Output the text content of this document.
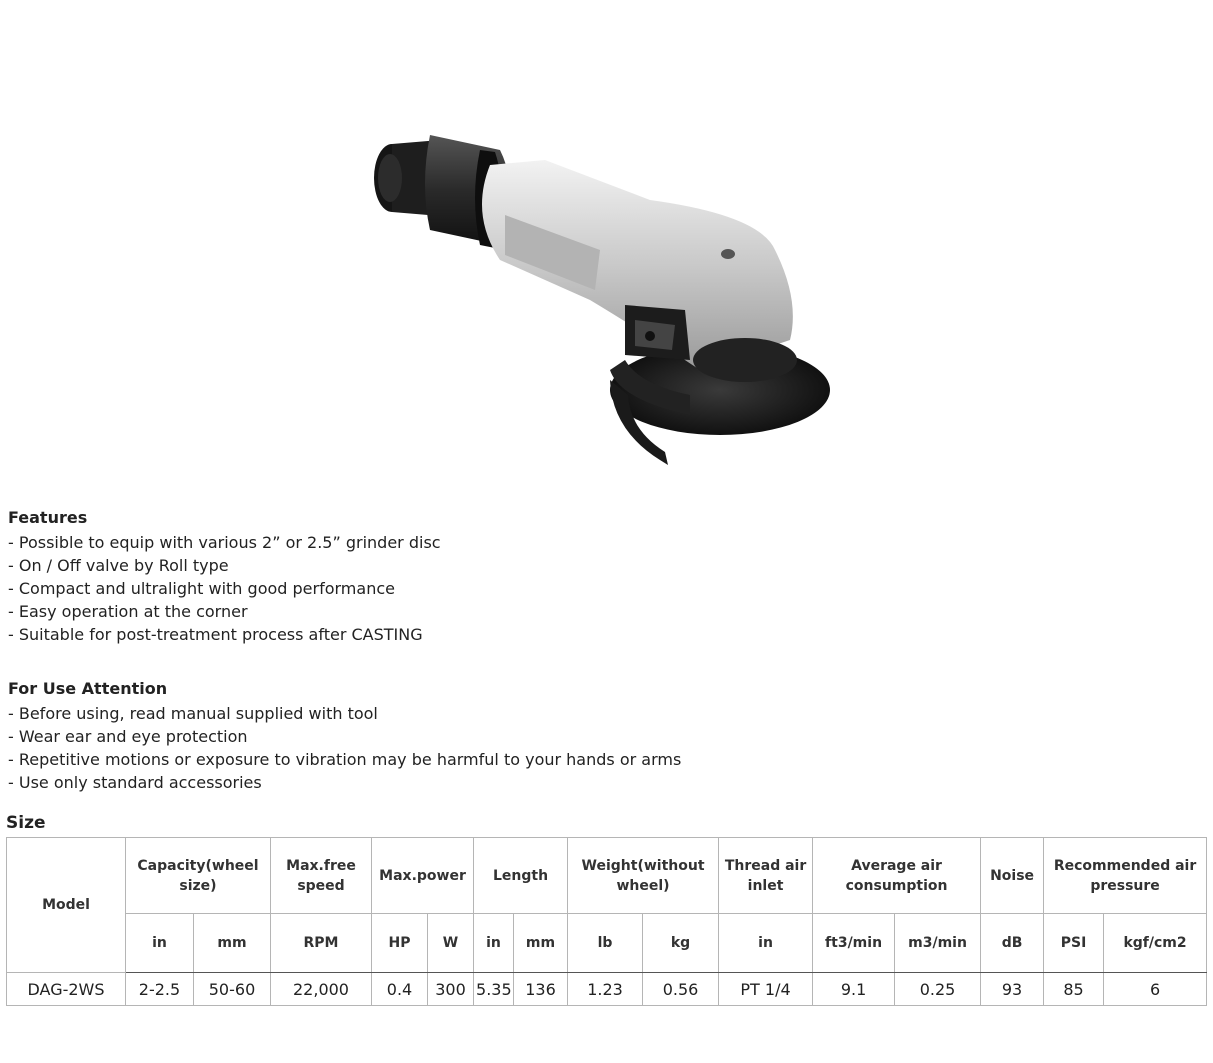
Features
- Possible to equip with various 2” or 2.5” grinder disc
- On / Off valve by Roll type
- Compact and ultralight with good performance
- Easy operation at the corner
- Suitable for post-treatment process after CASTING
For Use Attention
- Before using, read manual supplied with tool
- Wear ear and eye protection
- Repetitive motions or exposure to vibration may be harmful to your hands or arms
- Use only standard accessories
Size
Model	Capacity(wheel size)		Max.free speed	Max.power		Length		Weight(without wheel)		Thread air inlet	Average air consumption		Noise	Recommended air pressure	
	in	mm	RPM	HP	W	in	mm	lb	kg	in	ft3/min	m3/min	dB	PSI	kgf/cm2
DAG-2WS	2-2.5	50-60	22,000	0.4	300	5.35	136	1.23	0.56	PT 1/4	9.1	0.25	93	85	6
